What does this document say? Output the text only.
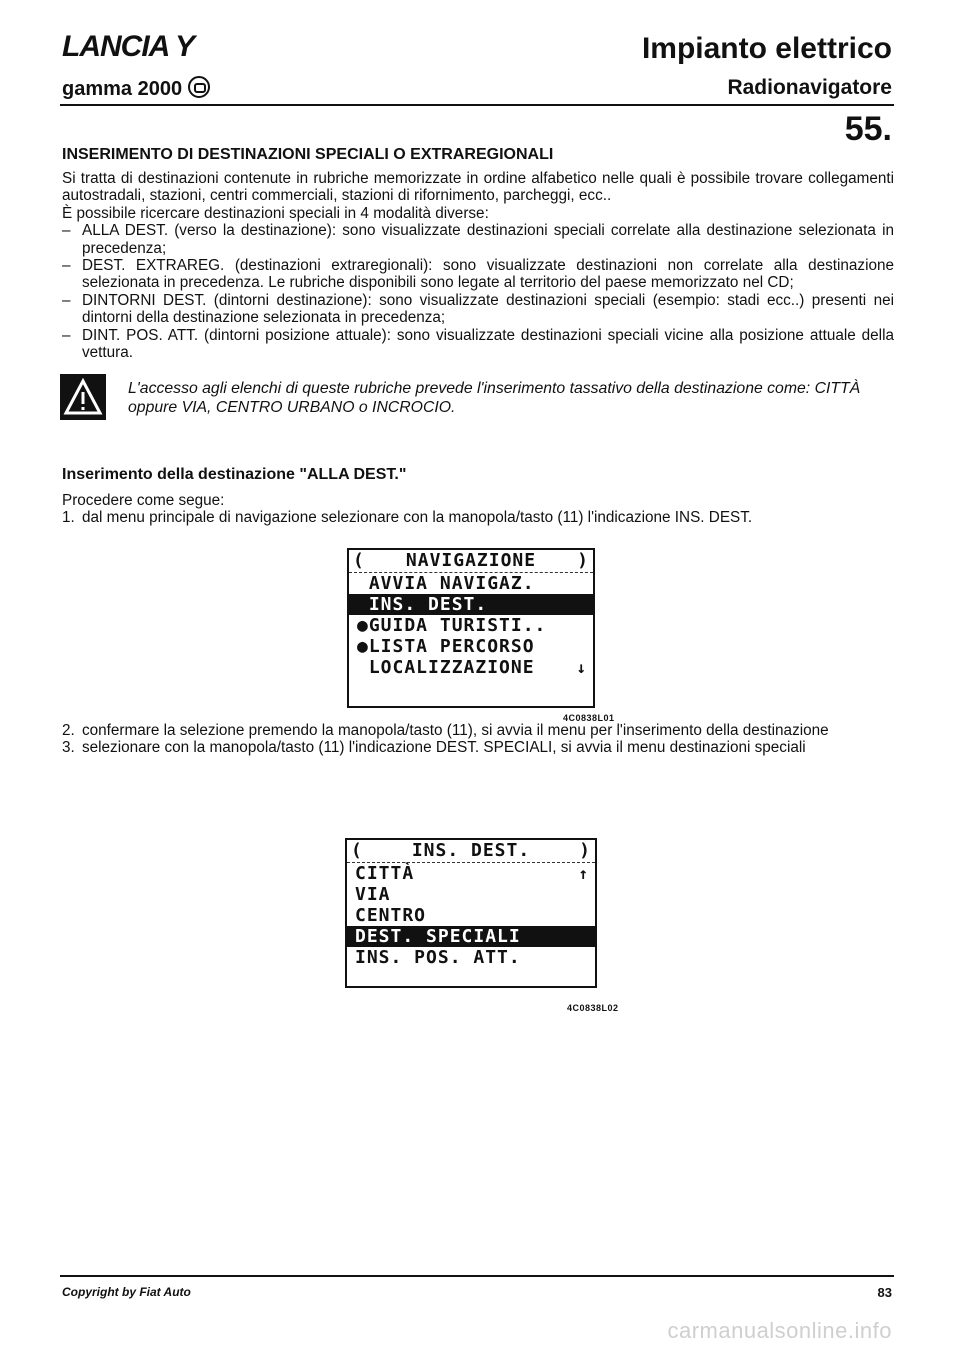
LANCIA Y
gamma 2000
Impianto elettrico
Radionavigatore
55.
INSERIMENTO DI DESTINAZIONI SPECIALI O EXTRAREGIONALI

Si tratta di destinazioni contenute in rubriche memorizzate in ordine alfabetico nelle quali è possibile trovare collegamenti autostradali, stazioni, centri commerciali, stazioni di rifornimento, parcheggi, ecc..

È possibile ricercare destinazioni speciali in 4 modalità diverse:

– ALLA DEST. (verso la destinazione): sono visualizzate destinazioni speciali correlate alla destinazione selezionata in precedenza;
– DEST. EXTRAREG. (destinazioni extraregionali): sono visualizzate destinazioni non correlate alla destinazione selezionata in precedenza. Le rubriche disponibili sono legate al territorio del paese memorizzato nel CD;
– DINTORNI DEST. (dintorni destinazione): sono visualizzate destinazioni speciali (esempio: stadi ecc..) presenti nei dintorni della destinazione selezionata in precedenza;
– DINT. POS. ATT. (dintorni posizione attuale): sono visualizzate destinazioni speciali vicine alla posizione attuale della vettura.
L'accesso agli elenchi di queste rubriche prevede l'inserimento tassativo della destinazione come: CITTÀ oppure VIA, CENTRO URBANO o INCROCIO.
Inserimento della destinazione "ALLA DEST."
Procedere come segue:
1. dal menu principale di navigazione selezionare con la manopola/tasto (11) l'indicazione INS. DEST.
( NAVIGAZIONE )
AVVIA NAVIGAZ.
INS. DEST.
●GUIDA TURISTI..
●LISTA PERCORSO
LOCALIZZAZIONE	↓
4C0838L01
2. confermare la selezione premendo la manopola/tasto (11), si avvia il menu per l'inserimento della destinazione
3. selezionare con la manopola/tasto (11) l'indicazione DEST. SPECIALI, si avvia il menu destinazioni speciali
( INS. DEST. )
CITTÀ	↑
VIA
CENTRO
DEST. SPECIALI
INS. POS. ATT.
4C0838L02
Copyright by Fiat Auto	83
carmanualsonline.info
